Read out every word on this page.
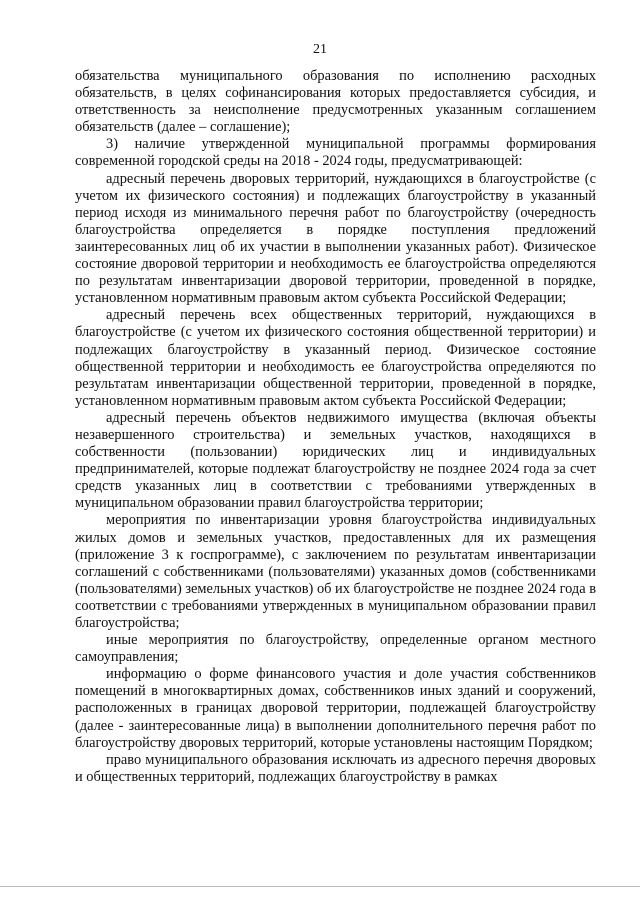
21

обязательства муниципального образования по исполнению расходных обязательств, в целях софинансирования которых предоставляется субсидия, и ответственность за неисполнение предусмотренных указанным соглашением обязательств (далее – соглашение);

3) наличие утвержденной муниципальной программы формирования современной городской среды на 2018 - 2024 годы, предусматривающей:

адресный перечень дворовых территорий, нуждающихся в благоустройстве (с учетом их физического состояния) и подлежащих благоустройству в указанный период исходя из минимального перечня работ по благоустройству (очередность благоустройства определяется в порядке поступления предложений заинтересованных лиц об их участии в выполнении указанных работ). Физическое состояние дворовой территории и необходимость ее благоустройства определяются по результатам инвентаризации дворовой территории, проведенной в порядке, установленном нормативным правовым актом субъекта Российской Федерации;

адресный перечень всех общественных территорий, нуждающихся в благоустройстве (с учетом их физического состояния общественной территории) и подлежащих благоустройству в указанный период. Физическое состояние общественной территории и необходимость ее благоустройства определяются по результатам инвентаризации общественной территории, проведенной в порядке, установленном нормативным правовым актом субъекта Российской Федерации;

адресный перечень объектов недвижимого имущества (включая объекты незавершенного строительства) и земельных участков, находящихся в собственности (пользовании) юридических лиц и индивидуальных предпринимателей, которые подлежат благоустройству не позднее 2024 года за счет средств указанных лиц в соответствии с требованиями утвержденных в муниципальном образовании правил благоустройства территории;

мероприятия по инвентаризации уровня благоустройства индивидуальных жилых домов и земельных участков, предоставленных для их размещения (приложение 3 к госпрограмме), с заключением по результатам инвентаризации соглашений с собственниками (пользователями) указанных домов (собственниками (пользователями) земельных участков) об их благоустройстве не позднее 2024 года в соответствии с требованиями утвержденных в муниципальном образовании правил благоустройства;

иные мероприятия по благоустройству, определенные органом местного самоуправления;

информацию о форме финансового участия и доле участия собственников помещений в многоквартирных домах, собственников иных зданий и сооружений, расположенных в границах дворовой территории, подлежащей благоустройству (далее - заинтересованные лица) в выполнении дополнительного перечня работ по благоустройству дворовых территорий, которые установлены настоящим Порядком;

право муниципального образования исключать из адресного перечня дворовых и общественных территорий, подлежащих благоустройству в рамках
